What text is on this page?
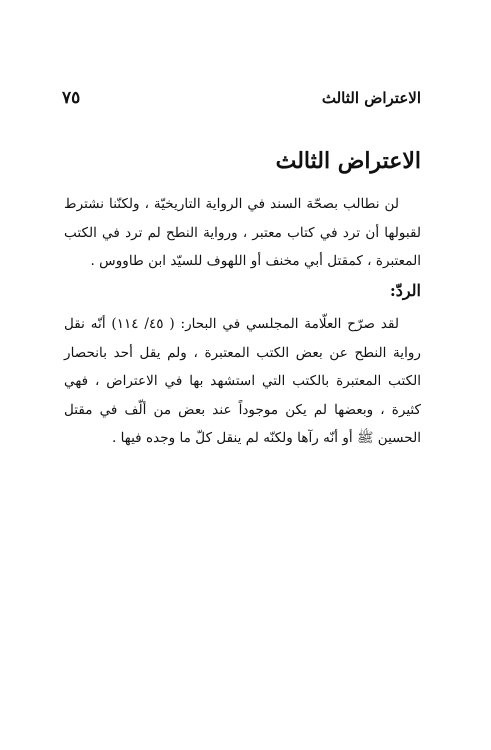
الاعتراض الثالث
٧٥
الاعتراض الثالث

لن نطالب بصحّة السند في الرواية التاريخيّة ، ولكنّنا نشترط لقبولها أن ترد في كتاب معتبر ، ورواية النطح لم ترد في الكتب المعتبرة ، كمقتل أبي مخنف أو اللهوف للسيّد ابن طاووس .

الردّ:

لقد صرّح العلّامة المجلسي في البحار: ( ٤٥/ ١١٤) أنّه نقل رواية النطح عن بعض الكتب المعتبرة ، ولم يقل أحد بانحصار الكتب المعتبرة بالكتب التي استشهد بها في الاعتراض ، فهي كثيرة ، وبعضها لم يكن موجوداً عند بعض من ألّف في مقتل الحسين ﷺ أو أنّه رآها ولكنّه لم ينقل كلّ ما وجده فيها .
